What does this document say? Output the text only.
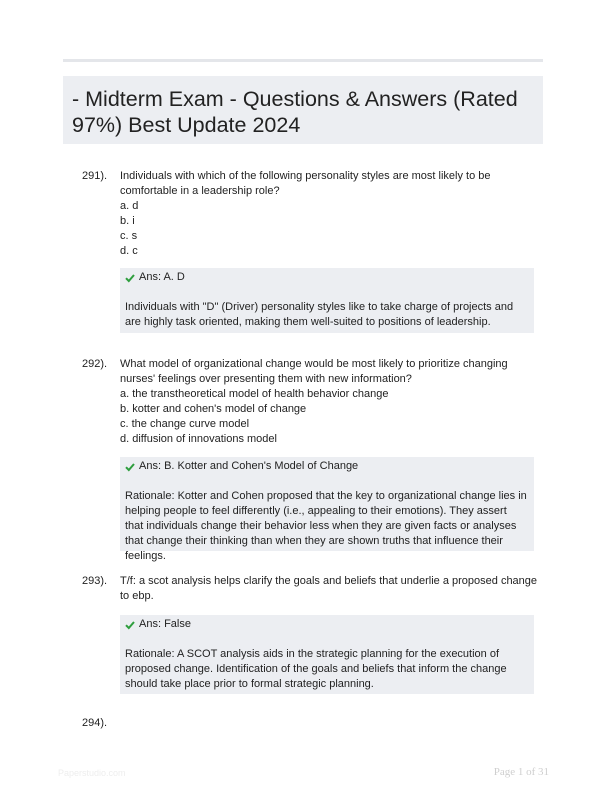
- Midterm Exam - Questions & Answers (Rated 97%) Best Update 2024
291). Individuals with which of the following personality styles are most likely to be comfortable in a leadership role?
a. d
b. i
c. s
d. c
Ans: A. D
Individuals with "D" (Driver) personality styles like to take charge of projects and are highly task oriented, making them well-suited to positions of leadership.
292). What model of organizational change would be most likely to prioritize changing nurses' feelings over presenting them with new information?
a. the transtheoretical model of health behavior change
b. kotter and cohen's model of change
c. the change curve model
d. diffusion of innovations model
Ans: B. Kotter and Cohen's Model of Change
Rationale: Kotter and Cohen proposed that the key to organizational change lies in helping people to feel differently (i.e., appealing to their emotions). They assert that individuals change their behavior less when they are given facts or analyses that change their thinking than when they are shown truths that influence their feelings.
293). T/f: a scot analysis helps clarify the goals and beliefs that underlie a proposed change to ebp.
Ans: False
Rationale: A SCOT analysis aids in the strategic planning for the execution of proposed change. Identification of the goals and beliefs that inform the change should take place prior to formal strategic planning.
294).
Paperstudio.com	Page 1 of 31
